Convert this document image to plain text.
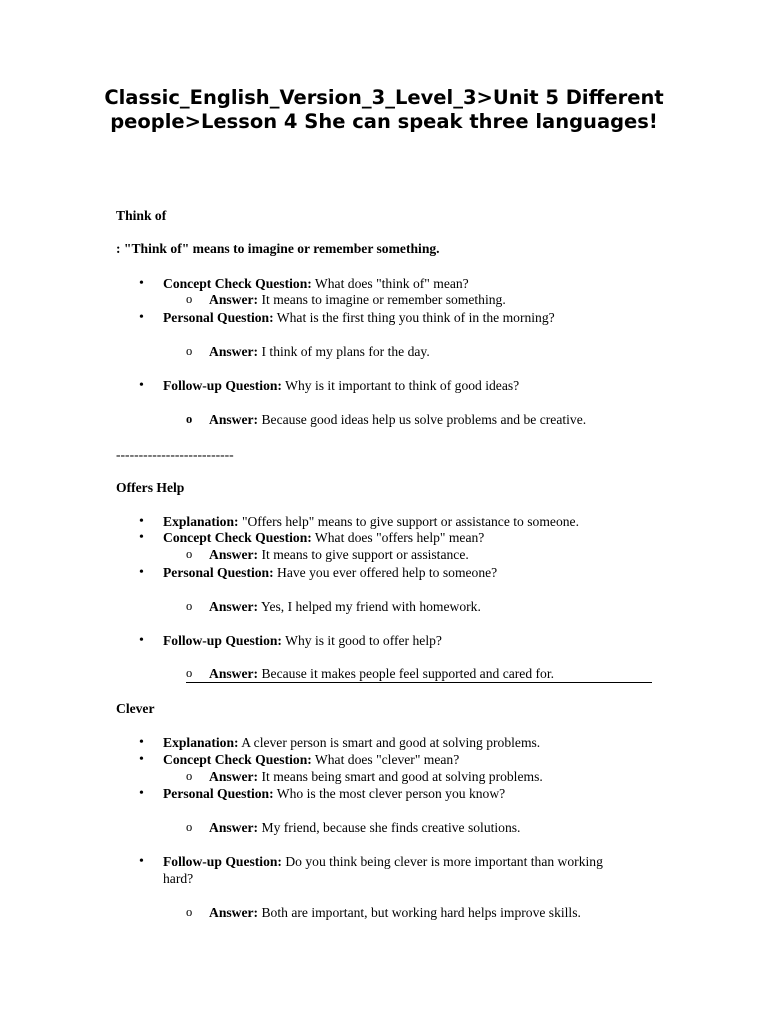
Classic_English_Version_3_Level_3>Unit 5 Different people>Lesson 4 She can speak three languages!
Think of
: "Think of" means to imagine or remember something.
• Concept Check Question: What does "think of" mean?
o Answer: It means to imagine or remember something.
• Personal Question: What is the first thing you think of in the morning?
o Answer: I think of my plans for the day.
• Follow-up Question: Why is it important to think of good ideas?
o Answer: Because good ideas help us solve problems and be creative.
--------------------------
Offers Help
• Explanation: "Offers help" means to give support or assistance to someone.
• Concept Check Question: What does "offers help" mean?
o Answer: It means to give support or assistance.
• Personal Question: Have you ever offered help to someone?
o Answer: Yes, I helped my friend with homework.
• Follow-up Question: Why is it good to offer help?
o Answer: Because it makes people feel supported and cared for.
Clever
• Explanation: A clever person is smart and good at solving problems.
• Concept Check Question: What does "clever" mean?
o Answer: It means being smart and good at solving problems.
• Personal Question: Who is the most clever person you know?
o Answer: My friend, because she finds creative solutions.
• Follow-up Question: Do you think being clever is more important than working hard?
o Answer: Both are important, but working hard helps improve skills.
